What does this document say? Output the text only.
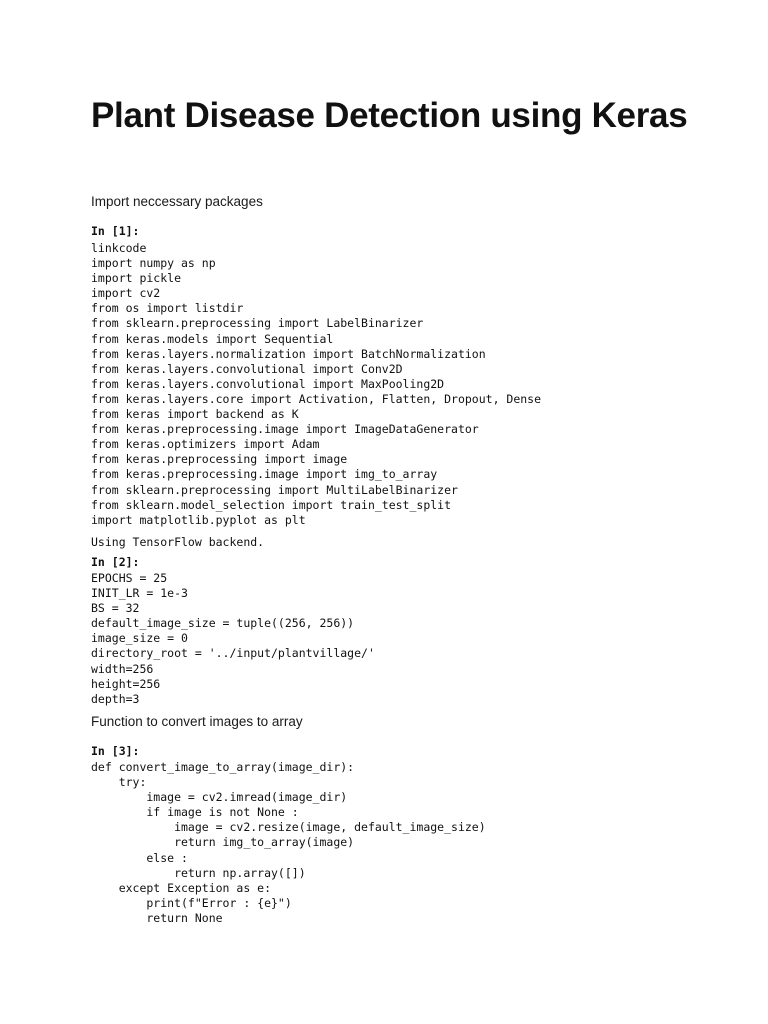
Plant Disease Detection using Keras

Import neccessary packages

In [1]:
linkcode
import numpy as np
import pickle
import cv2
from os import listdir
from sklearn.preprocessing import LabelBinarizer
from keras.models import Sequential
from keras.layers.normalization import BatchNormalization
from keras.layers.convolutional import Conv2D
from keras.layers.convolutional import MaxPooling2D
from keras.layers.core import Activation, Flatten, Dropout, Dense
from keras import backend as K
from keras.preprocessing.image import ImageDataGenerator
from keras.optimizers import Adam
from keras.preprocessing import image
from keras.preprocessing.image import img_to_array
from sklearn.preprocessing import MultiLabelBinarizer
from sklearn.model_selection import train_test_split
import matplotlib.pyplot as plt
Using TensorFlow backend.
In [2]:
EPOCHS = 25
INIT_LR = 1e-3
BS = 32
default_image_size = tuple((256, 256))
image_size = 0
directory_root = '../input/plantvillage/'
width=256
height=256
depth=3

Function to convert images to array

In [3]:
def convert_image_to_array(image_dir):
try:
image = cv2.imread(image_dir)
if image is not None :
image = cv2.resize(image, default_image_size)
return img_to_array(image)
else :
return np.array([])
except Exception as e:
print(f"Error : {e}")
return None
